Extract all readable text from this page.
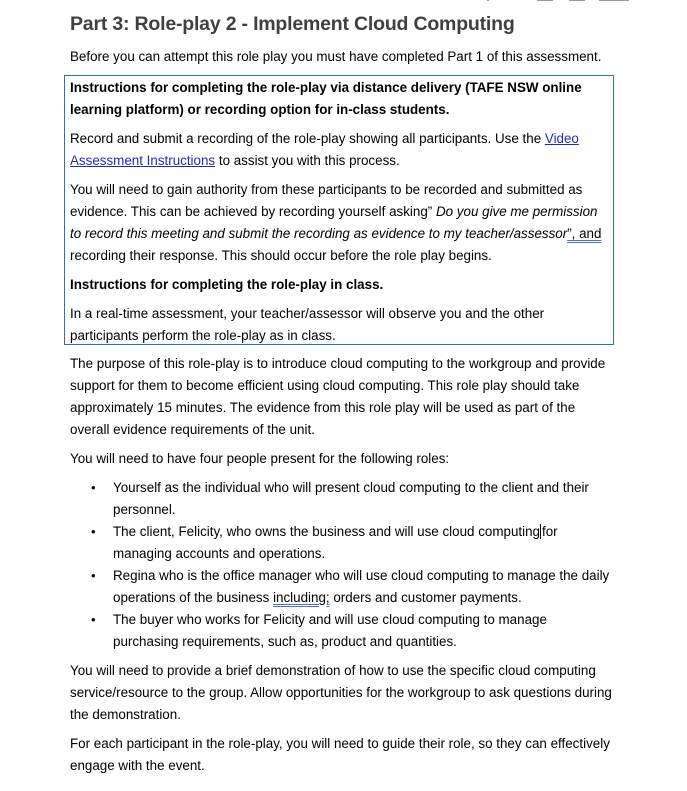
Part 3: Role-play 2 - Implement Cloud Computing

Before you can attempt this role play you must have completed Part 1 of this assessment.

Instructions for completing the role-play via distance delivery (TAFE NSW online learning platform) or recording option for in-class students.

Record and submit a recording of the role-play showing all participants. Use the Video Assessment Instructions to assist you with this process.

You will need to gain authority from these participants to be recorded and submitted as evidence. This can be achieved by recording yourself asking” Do you give me permission to record this meeting and submit the recording as evidence to my teacher/assessor”, and recording their response. This should occur before the role play begins.

Instructions for completing the role-play in class.

In a real-time assessment, your teacher/assessor will observe you and the other participants perform the role-play as in class.

The purpose of this role-play is to introduce cloud computing to the workgroup and provide support for them to become efficient using cloud computing. This role play should take approximately 15 minutes. The evidence from this role play will be used as part of the overall evidence requirements of the unit.

You will need to have four people present for the following roles:

• Yourself as the individual who will present cloud computing to the client and their personnel.
• The client, Felicity, who owns the business and will use cloud computing for managing accounts and operations.
• Regina who is the office manager who will use cloud computing to manage the daily operations of the business including; orders and customer payments.
• The buyer who works for Felicity and will use cloud computing to manage purchasing requirements, such as, product and quantities.

You will need to provide a brief demonstration of how to use the specific cloud computing service/resource to the group. Allow opportunities for the workgroup to ask questions during the demonstration.

For each participant in the role-play, you will need to guide their role, so they can effectively engage with the event.
